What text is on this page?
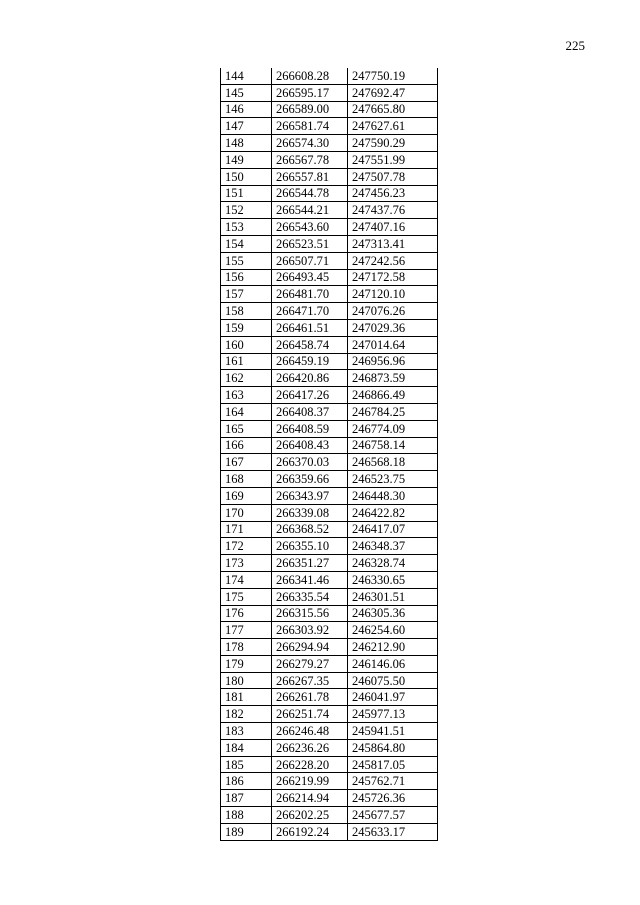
225
144	266608.28	247750.19
145	266595.17	247692.47
146	266589.00	247665.80
147	266581.74	247627.61
148	266574.30	247590.29
149	266567.78	247551.99
150	266557.81	247507.78
151	266544.78	247456.23
152	266544.21	247437.76
153	266543.60	247407.16
154	266523.51	247313.41
155	266507.71	247242.56
156	266493.45	247172.58
157	266481.70	247120.10
158	266471.70	247076.26
159	266461.51	247029.36
160	266458.74	247014.64
161	266459.19	246956.96
162	266420.86	246873.59
163	266417.26	246866.49
164	266408.37	246784.25
165	266408.59	246774.09
166	266408.43	246758.14
167	266370.03	246568.18
168	266359.66	246523.75
169	266343.97	246448.30
170	266339.08	246422.82
171	266368.52	246417.07
172	266355.10	246348.37
173	266351.27	246328.74
174	266341.46	246330.65
175	266335.54	246301.51
176	266315.56	246305.36
177	266303.92	246254.60
178	266294.94	246212.90
179	266279.27	246146.06
180	266267.35	246075.50
181	266261.78	246041.97
182	266251.74	245977.13
183	266246.48	245941.51
184	266236.26	245864.80
185	266228.20	245817.05
186	266219.99	245762.71
187	266214.94	245726.36
188	266202.25	245677.57
189	266192.24	245633.17
